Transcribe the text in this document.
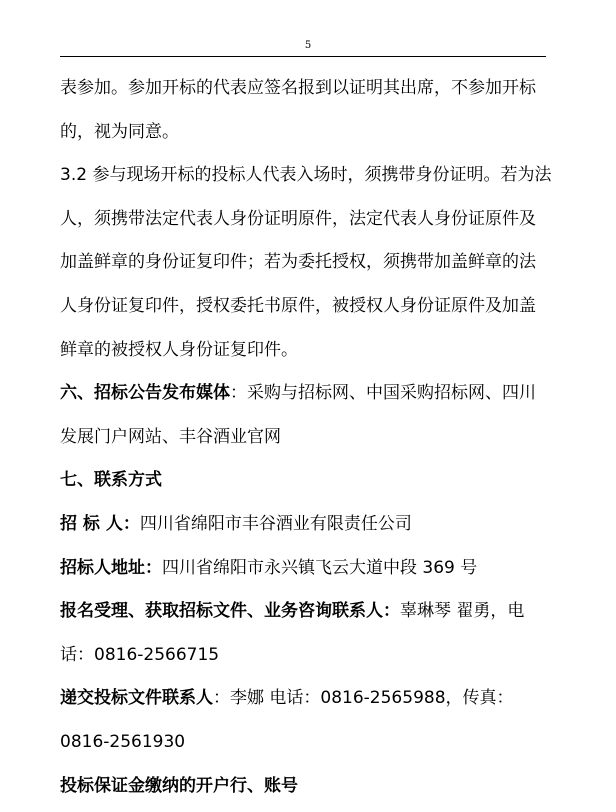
5
表参加。参加开标的代表应签名报到以证明其出席，不参加开标
的，视为同意。
3.2 参与现场开标的投标人代表入场时，须携带身份证明。若为法
人，须携带法定代表人身份证明原件，法定代表人身份证原件及
加盖鲜章的身份证复印件；若为委托授权，须携带加盖鲜章的法
人身份证复印件，授权委托书原件，被授权人身份证原件及加盖
鲜章的被授权人身份证复印件。
六、招标公告发布媒体：采购与招标网、中国采购招标网、四川
发展门户网站、丰谷酒业官网
七、联系方式
招 标 人：四川省绵阳市丰谷酒业有限责任公司
招标人地址：四川省绵阳市永兴镇飞云大道中段 369 号
报名受理、获取招标文件、业务咨询联系人：辜琳琴 翟勇，电
话：0816-2566715
递交投标文件联系人：李娜 电话：0816-2565988，传真：
0816-2561930
投标保证金缴纳的开户行、账号
